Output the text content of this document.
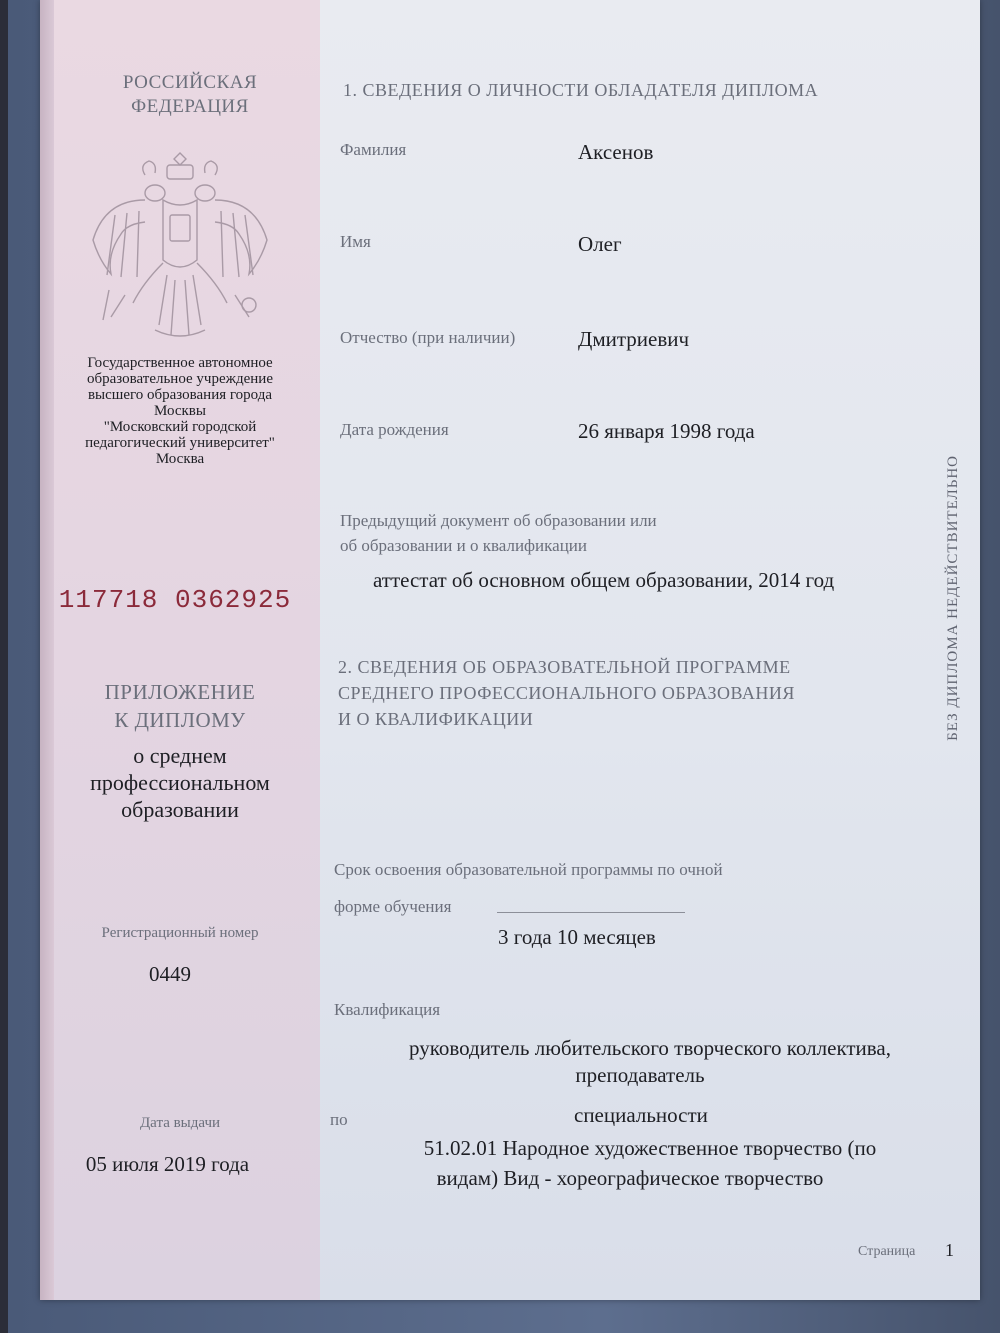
РОССИЙСКАЯ
ФЕДЕРАЦИЯ
Государственное автономное
образовательное учреждение
высшего образования города
Москвы
"Московский городской
педагогический университет"
Москва
117718 0362925
ПРИЛОЖЕНИЕ
К ДИПЛОМУ
о среднем
профессиональном
образовании
Регистрационный номер
0449
Дата выдачи
05 июля 2019 года
1. СВЕДЕНИЯ О ЛИЧНОСТИ ОБЛАДАТЕЛЯ ДИПЛОМА
Фамилия	Аксенов
Имя	Олег
Отчество (при наличии)	Дмитриевич
Дата рождения	26 января 1998 года
Предыдущий документ об образовании или
об образовании и о квалификации
аттестат об основном общем образовании, 2014 год
2. СВЕДЕНИЯ ОБ ОБРАЗОВАТЕЛЬНОЙ ПРОГРАММЕ
СРЕДНЕГО ПРОФЕССИОНАЛЬНОГО ОБРАЗОВАНИЯ
И О КВАЛИФИКАЦИИ
Срок освоения образовательной программы по очной
форме обучения
3 года 10 месяцев
Квалификация
руководитель любительского творческого коллектива,
преподаватель
по	специальности
51.02.01 Народное художественное творчество (по
видам) Вид - хореографическое творчество
Страница 1
БЕЗ ДИПЛОМА НЕДЕЙСТВИТЕЛЬНО
